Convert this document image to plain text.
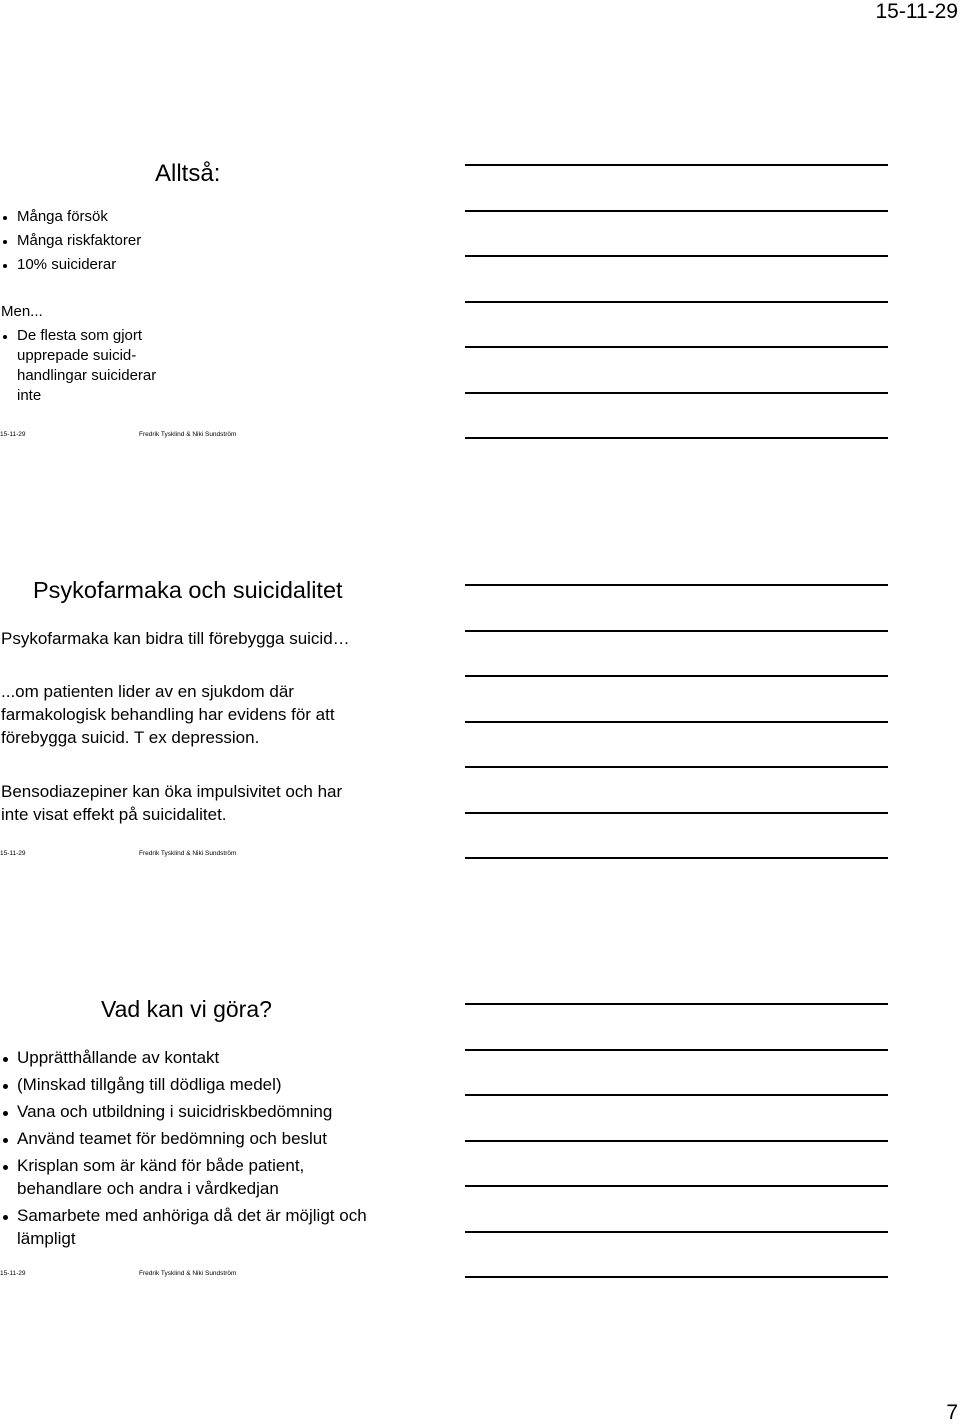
15-11-29
Alltså:
Många försök
Många riskfaktorer
10% suiciderar
Men...
De flesta som gjort
upprepade suicid-
handlingar suiciderar
inte
15-11-29	Fredrik Tysklind & Niki Sundström
Psykofarmaka och suicidalitet
Psykofarmaka kan bidra till förebygga suicid…
...om patienten lider av en sjukdom där
farmakologisk behandling har evidens för att
förebygga suicid. T ex depression.
Bensodiazepiner kan öka impulsivitet och har
inte visat effekt på suicidalitet.
15-11-29	Fredrik Tysklind & Niki Sundström
Vad kan vi göra?
Upprätthållande av kontakt
(Minskad tillgång till dödliga medel)
Vana och utbildning i suicidriskbedömning
Använd teamet för bedömning och beslut
Krisplan som är känd för både patient,
behandlare och andra i vårdkedjan
Samarbete med anhöriga då det är möjligt och
lämpligt
15-11-29	Fredrik Tysklind & Niki Sundström
7
